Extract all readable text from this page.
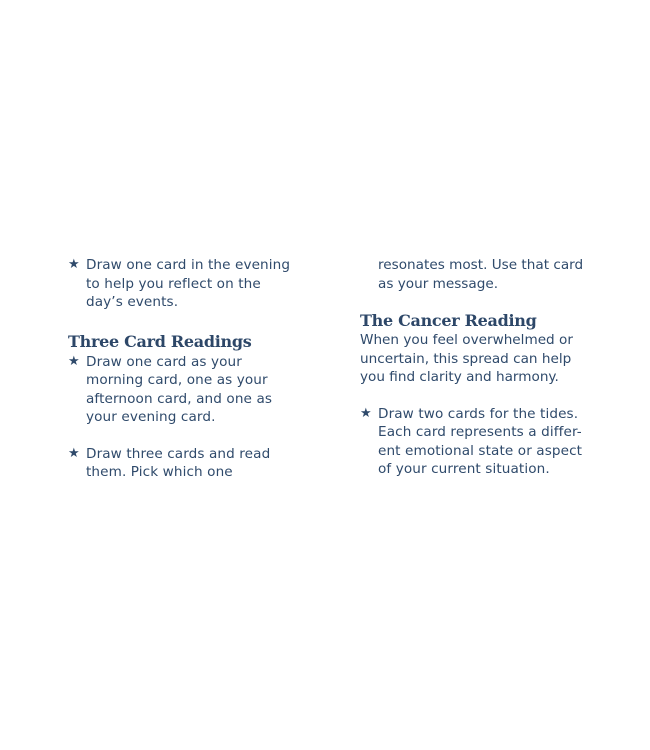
★ Draw one card in the evening
to help you reflect on the
day’s events.
Three Card Readings
★ Draw one card as your
morning card, one as your
afternoon card, and one as
your evening card.
★ Draw three cards and read
them. Pick which one
resonates most. Use that card
as your message.
The Cancer Reading
When you feel overwhelmed or
uncertain, this spread can help
you find clarity and harmony.
★ Draw two cards for the tides.
Each card represents a differ-
ent emotional state or aspect
of your current situation.
